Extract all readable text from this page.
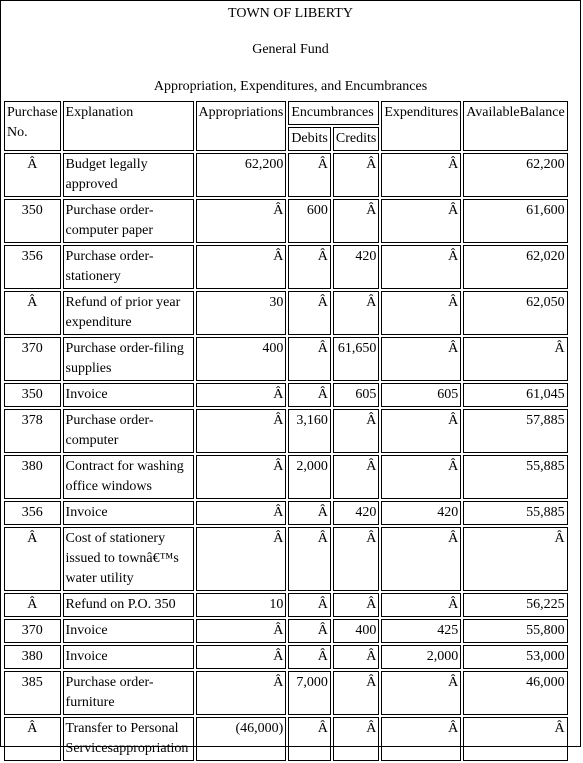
TOWN OF LIBERTY
General Fund
Appropriation, Expenditures, and Encumbrances
Purchase No.	Explanation	Appropriations	Encumbrances		Expenditures	AvailableBalance
			Debits	Credits		
Â	Budget legally approved	62,200	Â	Â	Â	62,200
350	Purchase order-computer paper	Â	600	Â	Â	61,600
356	Purchase order-stationery	Â	Â	420	Â	62,020
Â	Refund of prior year expenditure	30	Â	Â	Â	62,050
370	Purchase order-filing supplies	400	Â	61,650	Â	Â
350	Invoice	Â	Â	605	605	61,045
378	Purchase order-computer	Â	3,160	Â	Â	57,885
380	Contract for washing office windows	Â	2,000	Â	Â	55,885
356	Invoice	Â	Â	420	420	55,885
Â	Cost of stationery issued to townâ€™s water utility	Â	Â	Â	Â	Â
Â	Refund on P.O. 350	10	Â	Â	Â	56,225
370	Invoice	Â	Â	400	425	55,800
380	Invoice	Â	Â	Â	2,000	53,000
385	Purchase order-furniture	Â	7,000	Â	Â	46,000
Â	Transfer to Personal Servicesappropriation	(46,000)	Â	Â	Â	Â
